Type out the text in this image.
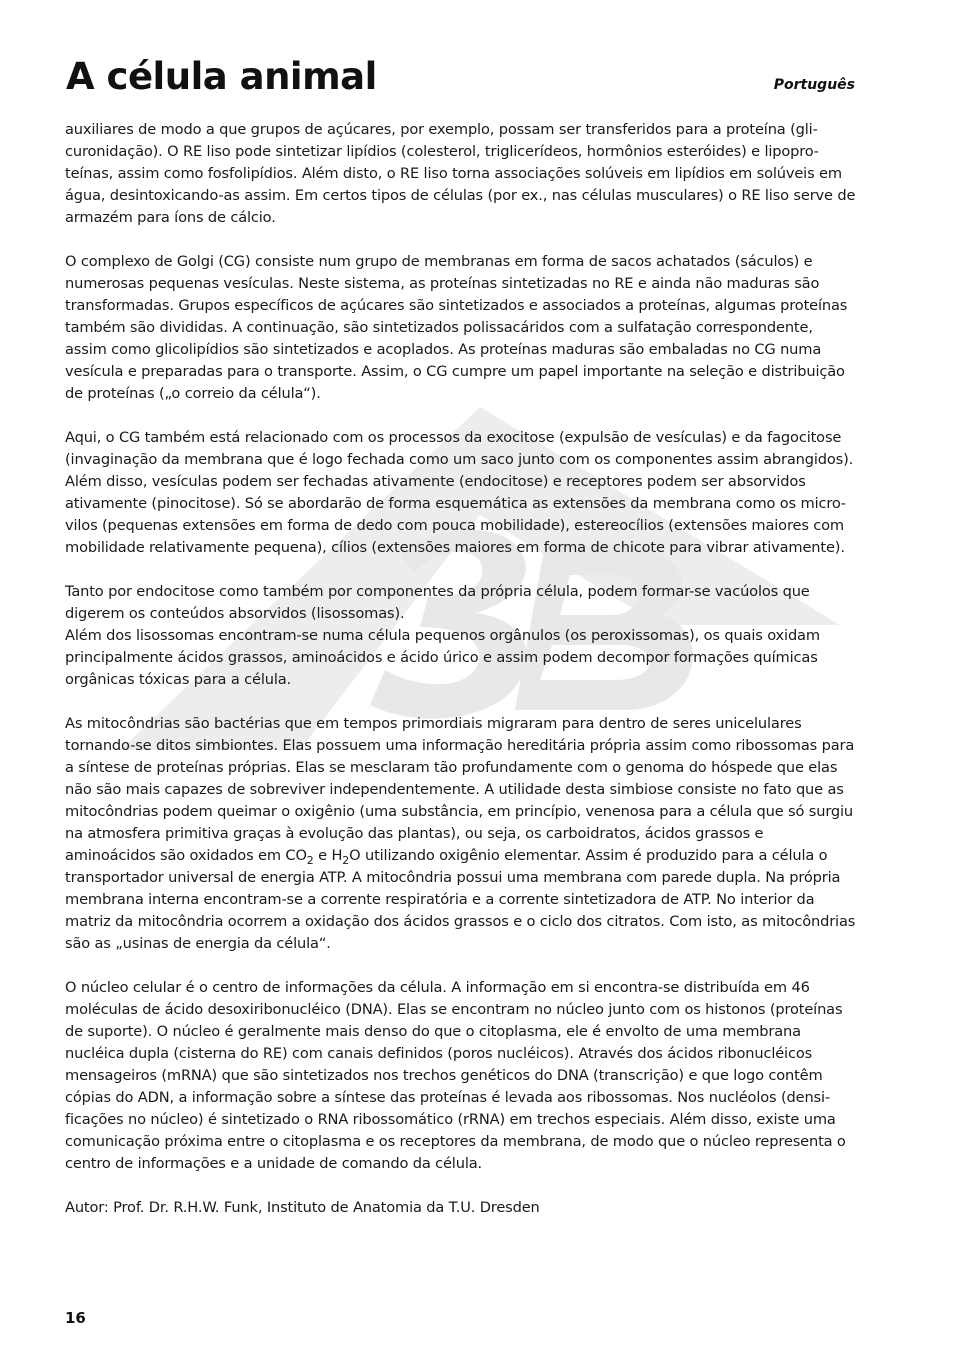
A célula animal	Português

auxiliares de modo a que grupos de açúcares, por exemplo, possam ser transferidos para a proteína (glicuronidação). O RE liso pode sintetizar lipídios (colesterol, triglicerídeos, hormônios esteróides) e lipoproteínas, assim como fosfolipídios. Além disto, o RE liso torna associações solúveis em lipídios em solúveis em água, desintoxicando-as assim. Em certos tipos de células (por ex., nas células musculares) o RE liso serve de armazém para íons de cálcio.

O complexo de Golgi (CG) consiste num grupo de membranas em forma de sacos achatados (sáculos) e numerosas pequenas vesículas. Neste sistema, as proteínas sintetizadas no RE e ainda não maduras são transformadas. Grupos específicos de açúcares são sintetizados e associados a proteínas, algumas proteínas também são divididas. A continuação, são sintetizados polissacáridos com a sulfatação correspondente, assim como glicolipídios são sintetizados e acoplados. As proteínas maduras são embaladas no CG numa vesícula e preparadas para o transporte. Assim, o CG cumpre um papel importante na seleção e distribuição de proteínas („o correio da célula“).

Aqui, o CG também está relacionado com os processos da exocitose (expulsão de vesículas) e da fagocitose (invaginação da membrana que é logo fechada como um saco junto com os componentes assim abrangidos). Além disso, vesículas podem ser fechadas ativamente (endocitose) e receptores podem ser absorvidos ativamente (pinocitose). Só se abordarão de forma esquemática as extensões da membrana como os microvilos (pequenas extensões em forma de dedo com pouca mobilidade), estereocílios (extensões maiores com mobilidade relativamente pequena), cílios (extensões maiores em forma de chicote para vibrar ativamente).

Tanto por endocitose como também por componentes da própria célula, podem formar-se vacúolos que digerem os conteúdos absorvidos (lisossomas).

Além dos lisossomas encontram-se numa célula pequenos orgânulos (os peroxissomas), os quais oxidam principalmente ácidos grassos, aminoácidos e ácido úrico e assim podem decompor formações químicas orgânicas tóxicas para a célula.

As mitocôndrias são bactérias que em tempos primordiais migraram para dentro de seres unicelulares tornando-se ditos simbiontes. Elas possuem uma informação hereditária própria assim como ribossomas para a síntese de proteínas próprias. Elas se mesclaram tão profundamente com o genoma do hóspede que elas não são mais capazes de sobreviver independentemente. A utilidade desta simbiose consiste no fato que as mitocôndrias podem queimar o oxigênio (uma substância, em princípio, venenosa para a célula que só surgiu na atmosfera primitiva graças à evolução das plantas), ou seja, os carboidratos, ácidos grassos e aminoácidos são oxidados em $CO_2$ e $H_2O$ utilizando oxigênio elementar. Assim é produzido para a célula o transportador universal de energia ATP. A mitocôndria possui uma membrana com parede dupla. Na própria membrana interna encontram-se a corrente respiratória e a corrente sintetizadora de ATP. No interior da matriz da mitocôndria ocorrem a oxidação dos ácidos grassos e o ciclo dos citratos. Com isto, as mitocôndrias são as „usinas de energia da célula“.

O núcleo celular é o centro de informações da célula. A informação em si encontra-se distribuída em 46 moléculas de ácido desoxiribonucléico (DNA). Elas se encontram no núcleo junto com os histonos (proteínas de suporte). O núcleo é geralmente mais denso do que o citoplasma, ele é envolto de uma membrana nucléica dupla (cisterna do RE) com canais definidos (poros nucléicos). Através dos ácidos ribonucléicos mensageiros (mRNA) que são sintetizados nos trechos genéticos do DNA (transcrição) e que logo contêm cópias do ADN, a informação sobre a síntese das proteínas é levada aos ribossomas. Nos nucléolos (densificações no núcleo) é sintetizado o RNA ribossomático (rRNA) em trechos especiais. Além disso, existe uma comunicação próxima entre o citoplasma e os receptores da membrana, de modo que o núcleo representa o centro de informações e a unidade de comando da célula.

Autor: Prof. Dr. R.H.W. Funk, Instituto de Anatomia da T.U. Dresden

16
